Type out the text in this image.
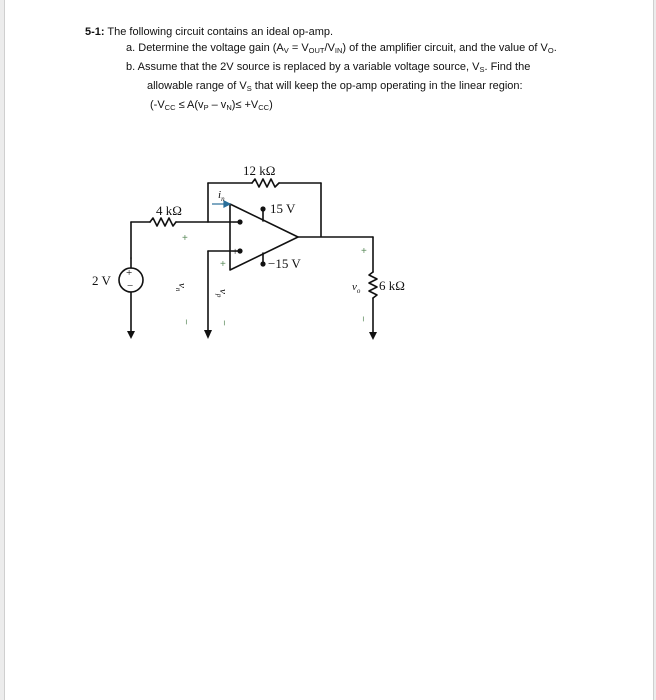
5-1: The following circuit contains an ideal op-amp.
a. Determine the voltage gain $(A_V = V_{OUT}/V_{IN})$ of the amplifier circuit, and the value of $V_O$.
b. Assume that the 2V source is replaced by a variable voltage source, $V_S$. Find the
allowable range of $V_S$ that will keep the op-amp operating in the linear region:
$(-V_{CC} \le A(v_P - v_N)\le +V_{CC})$
12 kΩ
4 kΩ
6 kΩ
2 V
15 V
−15 V
$i_n$
$v_n$	$v_p$
$v_o$
+
−
−
+
+
−
+
−
+
−
